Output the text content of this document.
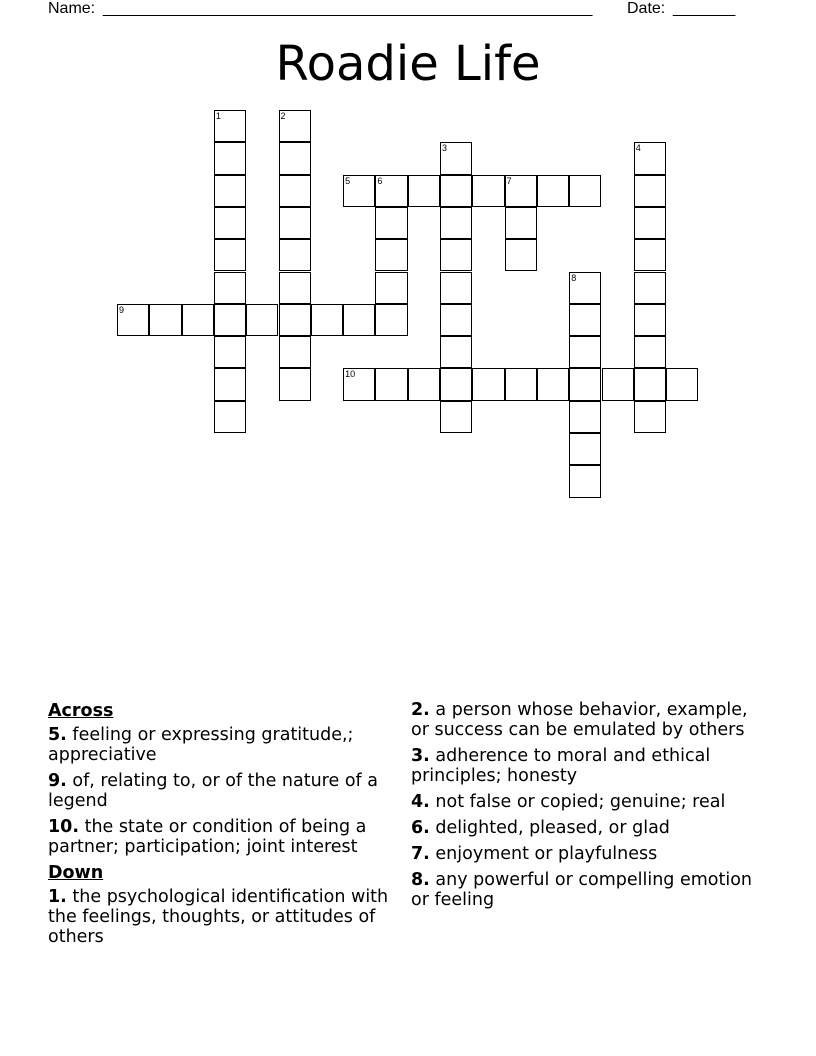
Name: _______________________________________________________ Date: _______
Roadie Life
1	2
3	4
5	6	7
8
9
10
Across
5. feeling or expressing gratitude,; appreciative
9. of, relating to, or of the nature of a legend
10. the state or condition of being a partner; participation; joint interest
Down
1. the psychological identification with the feelings, thoughts, or attitudes of others
2. a person whose behavior, example, or success can be emulated by others
3. adherence to moral and ethical principles; honesty
4. not false or copied; genuine; real
6. delighted, pleased, or glad
7. enjoyment or playfulness
8. any powerful or compelling emotion or feeling
